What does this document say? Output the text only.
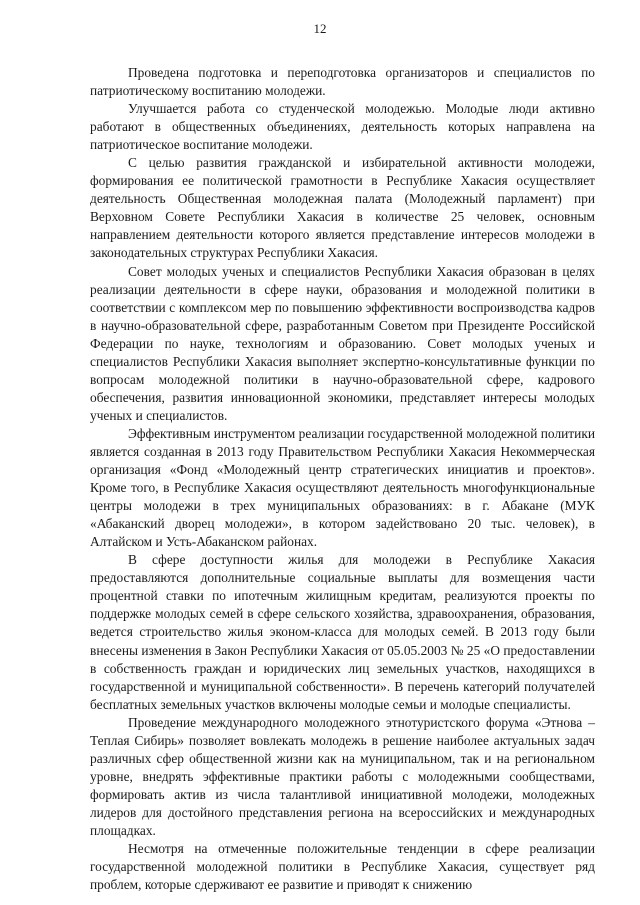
12

Проведена подготовка и переподготовка организаторов и специалистов по патриотическому воспитанию молодежи.

Улучшается работа со студенческой молодежью. Молодые люди активно работают в общественных объединениях, деятельность которых направлена на патриотическое воспитание молодежи.

С целью развития гражданской и избирательной активности молодежи, формирования ее политической грамотности в Республике Хакасия осуществляет деятельность Общественная молодежная палата (Молодежный парламент) при Верховном Совете Республики Хакасия в количестве 25 человек, основным направлением деятельности которого является представление интересов молодежи в законодательных структурах Республики Хакасия.

Совет молодых ученых и специалистов Республики Хакасия образован в целях реализации деятельности в сфере науки, образования и молодежной политики в соответствии с комплексом мер по повышению эффективности воспроизводства кадров в научно-образовательной сфере, разработанным Советом при Президенте Российской Федерации по науке, технологиям и образованию. Совет молодых ученых и специалистов Республики Хакасия выполняет экспертно-консультативные функции по вопросам молодежной политики в научно-образовательной сфере, кадрового обеспечения, развития инновационной экономики, представляет интересы молодых ученых и специалистов.

Эффективным инструментом реализации государственной молодежной политики является созданная в 2013 году Правительством Республики Хакасия Некоммерческая организация «Фонд «Молодежный центр стратегических инициатив и проектов». Кроме того, в Республике Хакасия осуществляют деятельность многофункциональные центры молодежи в трех муниципальных образованиях: в г. Абакане (МУК «Абаканский дворец молодежи», в котором задействовано 20 тыс. человек), в Алтайском и Усть-Абаканском районах.

В сфере доступности жилья для молодежи в Республике Хакасия предоставляются дополнительные социальные выплаты для возмещения части процентной ставки по ипотечным жилищным кредитам, реализуются проекты по поддержке молодых семей в сфере сельского хозяйства, здравоохранения, образования, ведется строительство жилья эконом-класса для молодых семей. В 2013 году были внесены изменения в Закон Республики Хакасия от 05.05.2003 № 25 «О предоставлении в собственность граждан и юридических лиц земельных участков, находящихся в государственной и муниципальной собственности». В перечень категорий получателей бесплатных земельных участков включены молодые семьи и молодые специалисты.

Проведение международного молодежного этнотуристского форума «Этнова – Теплая Сибирь» позволяет вовлекать молодежь в решение наиболее актуальных задач различных сфер общественной жизни как на муниципальном, так и на региональном уровне, внедрять эффективные практики работы с молодежными сообществами, формировать актив из числа талантливой инициативной молодежи, молодежных лидеров для достойного представления региона на всероссийских и международных площадках.

Несмотря на отмеченные положительные тенденции в сфере реализации государственной молодежной политики в Республике Хакасия, существует ряд проблем, которые сдерживают ее развитие и приводят к снижению
